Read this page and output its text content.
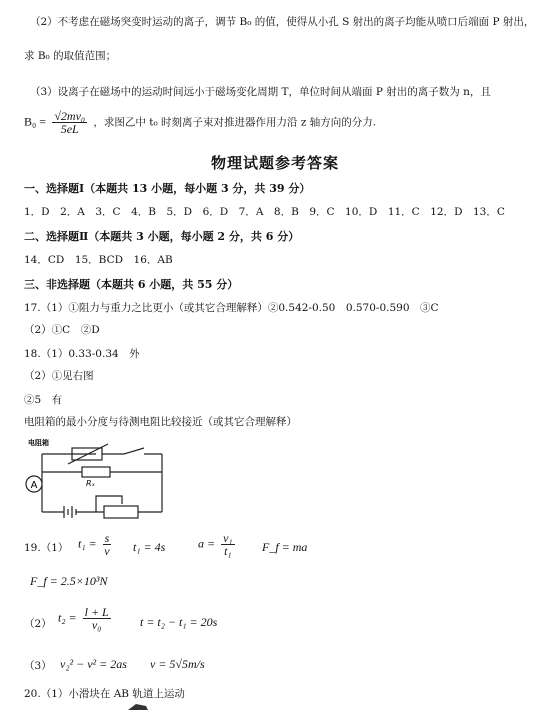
（2）不考虑在磁场突变时运动的离子，调节 B₀ 的值，使得从小孔 S 射出的离子均能从喷口后端面 P 射出，
求 B₀ 的取值范围；
（3）设离子在磁场中的运动时间远小于磁场变化周期 T，单位时间从端面 P 射出的离子数为 n，且
$B_0 = \frac{\text{√2mv₀}}{5eL}$ ，求图乙中 t₀ 时刻离子束对推进器作用力沿 z 轴方向的分力.
物理试题参考答案
一、选择题Ⅰ（本题共 13 小题，每小题 3 分，共 39 分）
1．D　2．A　3．C　4．B　5．D　6．D　7．A　8．B　9．C　10．D　11．C　12．D　13．C
二、选择题Ⅱ（本题共 3 小题，每小题 2 分，共 6 分）
14．CD　15．BCD　16．AB
三、非选择题（本题共 6 小题，共 55 分）
17.（1）①阻力与重力之比更小（或其它合理解释）②0.542-0.50　0.570-0.590　③C
（2）①C　②D
18.（1）0.33-0.34　外
（2）①见右图
②5　有
电阻箱的最小分度与待测电阻比较接近（或其它合理解释）
A
电阻箱
Rₓ
19.（1） $t_1 = \frac{s}{v} t_1 = 4s$	$a = \frac{\text{v₁}}{\text{t₁}}$ F_f = ma
F_f = 2.5×10³N
（2） $t_2 = \frac{l + L}{\text{v₀}}$ t = t₂ − t₁ = 20s
（3） v₂² − v² = 2as v = 5√5m/s
20.（1）小滑块在 AB 轨道上运动
